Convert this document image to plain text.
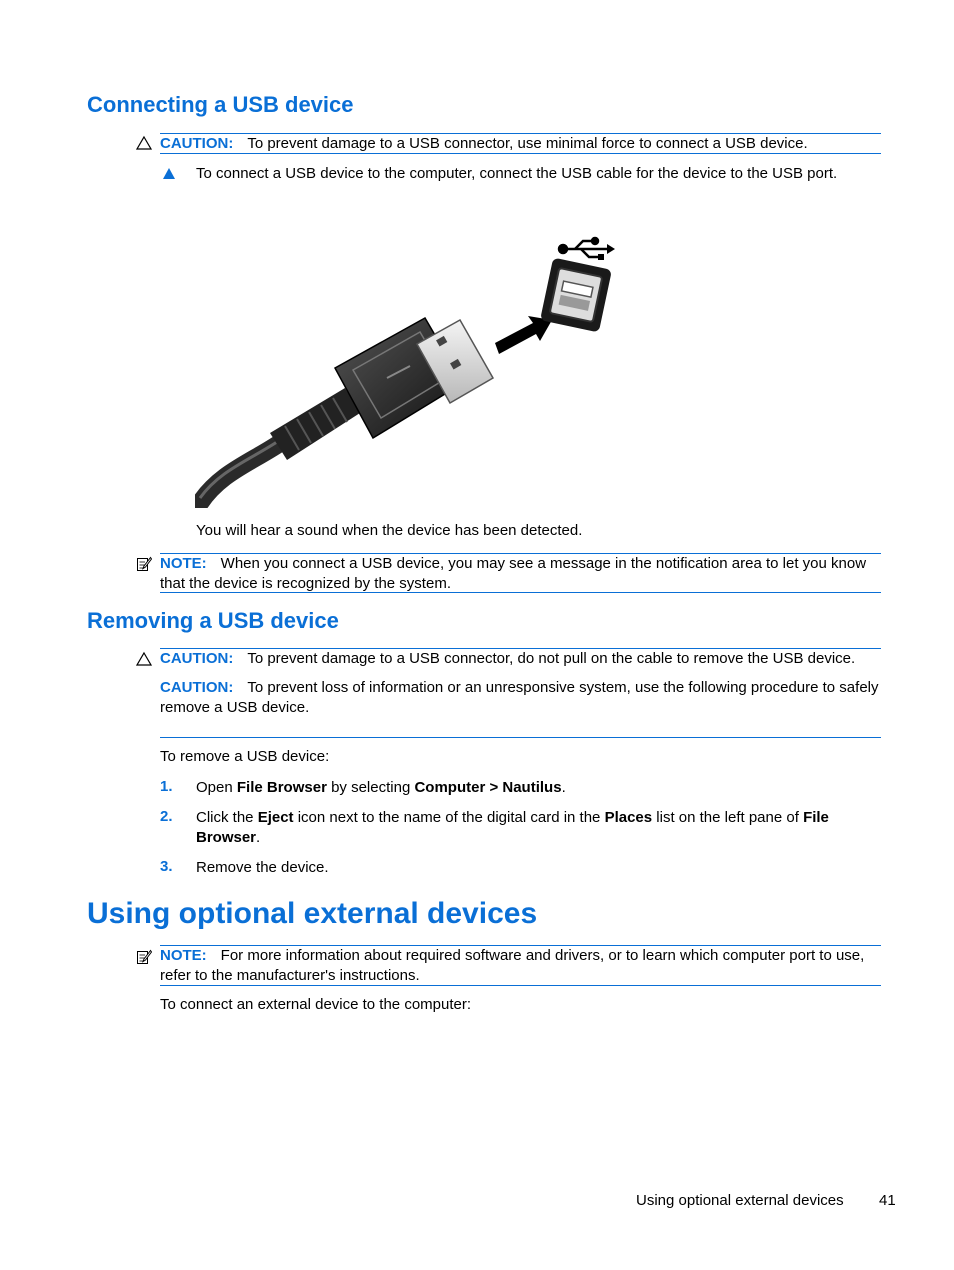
Connecting a USB device
CAUTION: To prevent damage to a USB connector, use minimal force to connect a USB device.
To connect a USB device to the computer, connect the USB cable for the device to the USB port.
You will hear a sound when the device has been detected.
NOTE: When you connect a USB device, you may see a message in the notification area to let you know that the device is recognized by the system.
Removing a USB device
CAUTION: To prevent damage to a USB connector, do not pull on the cable to remove the USB device.
CAUTION: To prevent loss of information or an unresponsive system, use the following procedure to safely remove a USB device.
To remove a USB device:
1. Open File Browser by selecting Computer > Nautilus.
2. Click the Eject icon next to the name of the digital card in the Places list on the left pane of File Browser.
3. Remove the device.
Using optional external devices
NOTE: For more information about required software and drivers, or to learn which computer port to use, refer to the manufacturer's instructions.
To connect an external device to the computer:
Using optional external devices 41
